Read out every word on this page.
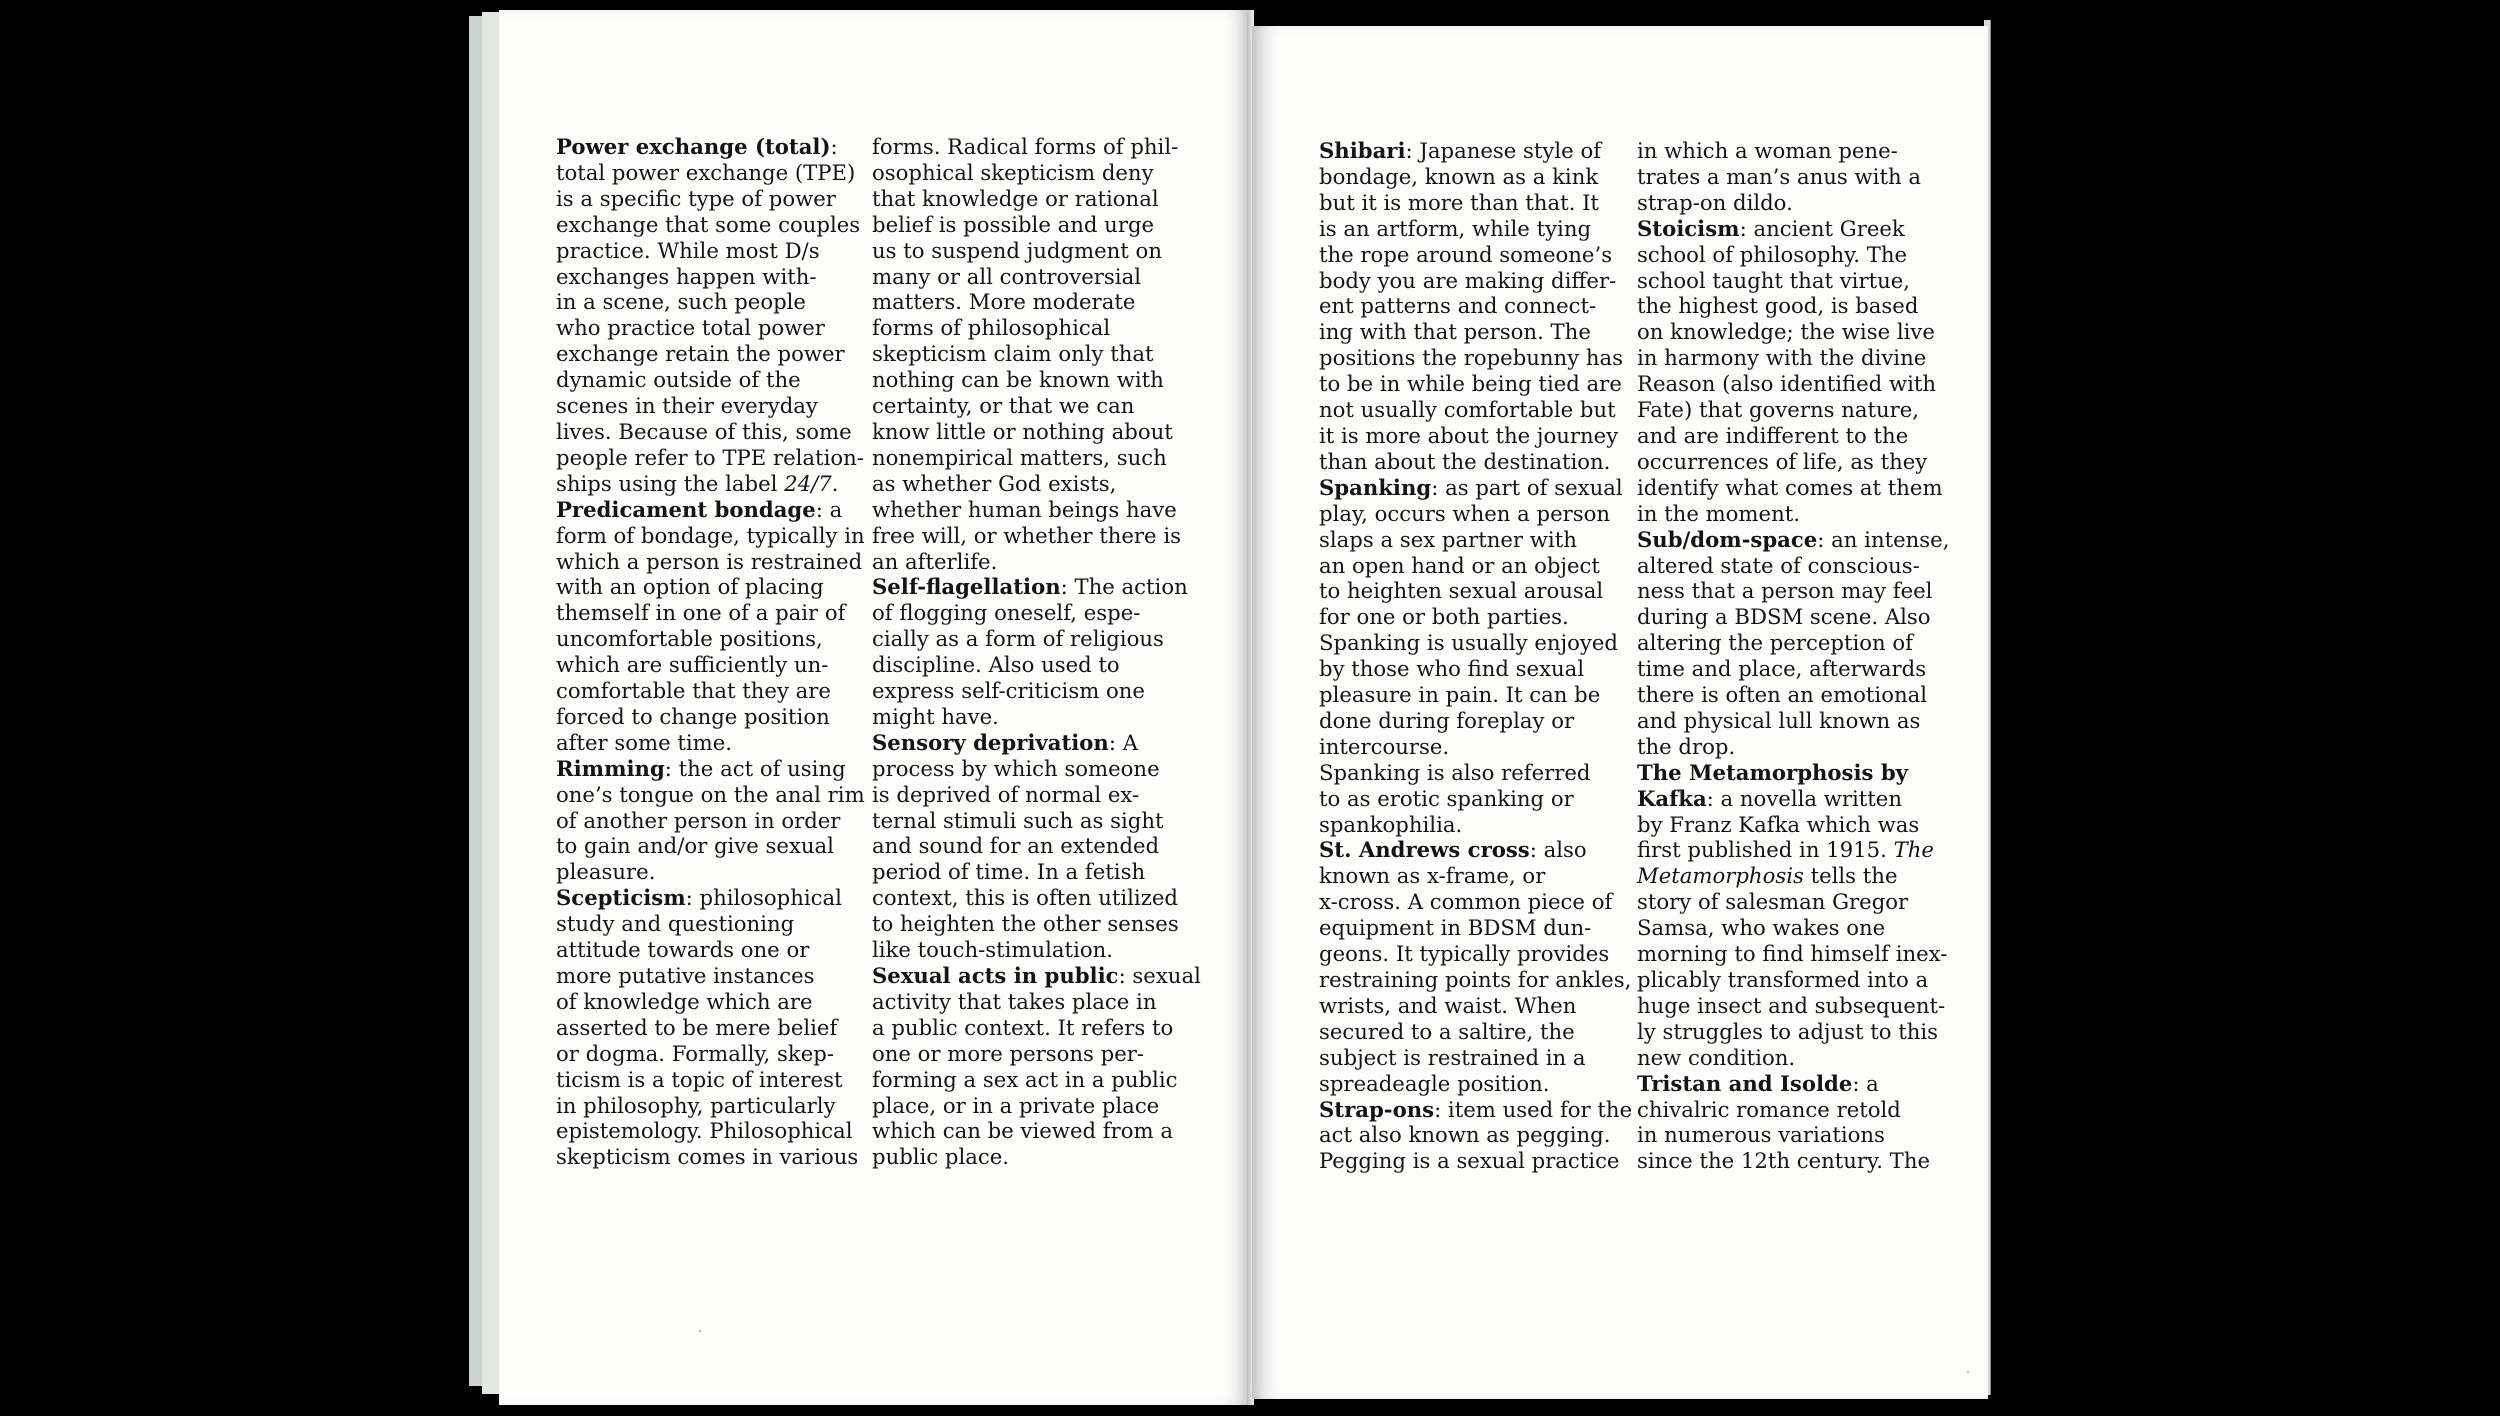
Power exchange (total):
total power exchange (TPE)
is a specific type of power
exchange that some couples
practice. While most D/s
exchanges happen with-
in a scene, such people
who practice total power
exchange retain the power
dynamic outside of the
scenes in their everyday
lives. Because of this, some
people refer to TPE relation-
ships using the label 24/7.
Predicament bondage: a
form of bondage, typically in
which a person is restrained
with an option of placing
themself in one of a pair of
uncomfortable positions,
which are sufficiently un-
comfortable that they are
forced to change position
after some time.
Rimming: the act of using
one’s tongue on the anal rim
of another person in order
to gain and/or give sexual
pleasure.
Scepticism: philosophical
study and questioning
attitude towards one or
more putative instances
of knowledge which are
asserted to be mere belief
or dogma. Formally, skep-
ticism is a topic of interest
in philosophy, particularly
epistemology. Philosophical
skepticism comes in various
forms. Radical forms of phil-
osophical skepticism deny
that knowledge or rational
belief is possible and urge
us to suspend judgment on
many or all controversial
matters. More moderate
forms of philosophical
skepticism claim only that
nothing can be known with
certainty, or that we can
know little or nothing about
nonempirical matters, such
as whether God exists,
whether human beings have
free will, or whether there is
an afterlife.
Self-flagellation: The action
of flogging oneself, espe-
cially as a form of religious
discipline. Also used to
express self-criticism one
might have.
Sensory deprivation: A
process by which someone
is deprived of normal ex-
ternal stimuli such as sight
and sound for an extended
period of time. In a fetish
context, this is often utilized
to heighten the other senses
like touch-stimulation.
Sexual acts in public: sexual
activity that takes place in
a public context. It refers to
one or more persons per-
forming a sex act in a public
place, or in a private place
which can be viewed from a
public place.
Shibari: Japanese style of
bondage, known as a kink
but it is more than that. It
is an artform, while tying
the rope around someone’s
body you are making differ-
ent patterns and connect-
ing with that person. The
positions the ropebunny has
to be in while being tied are
not usually comfortable but
it is more about the journey
than about the destination.
Spanking: as part of sexual
play, occurs when a person
slaps a sex partner with
an open hand or an object
to heighten sexual arousal
for one or both parties.
Spanking is usually enjoyed
by those who find sexual
pleasure in pain. It can be
done during foreplay or
intercourse.
Spanking is also referred
to as erotic spanking or
spankophilia.
St. Andrews cross: also
known as x-frame, or
x-cross. A common piece of
equipment in BDSM dun-
geons. It typically provides
restraining points for ankles,
wrists, and waist. When
secured to a saltire, the
subject is restrained in a
spreadeagle position.
Strap-ons: item used for the
act also known as pegging.
Pegging is a sexual practice
in which a woman pene-
trates a man’s anus with a
strap-on dildo.
Stoicism: ancient Greek
school of philosophy. The
school taught that virtue,
the highest good, is based
on knowledge; the wise live
in harmony with the divine
Reason (also identified with
Fate) that governs nature,
and are indifferent to the
occurrences of life, as they
identify what comes at them
in the moment.
Sub/dom-space: an intense,
altered state of conscious-
ness that a person may feel
during a BDSM scene. Also
altering the perception of
time and place, afterwards
there is often an emotional
and physical lull known as
the drop.
The Metamorphosis by
Kafka: a novella written
by Franz Kafka which was
first published in 1915. The
Metamorphosis tells the
story of salesman Gregor
Samsa, who wakes one
morning to find himself inex-
plicably transformed into a
huge insect and subsequent-
ly struggles to adjust to this
new condition.
Tristan and Isolde: a
chivalric romance retold
in numerous variations
since the 12th century. The
